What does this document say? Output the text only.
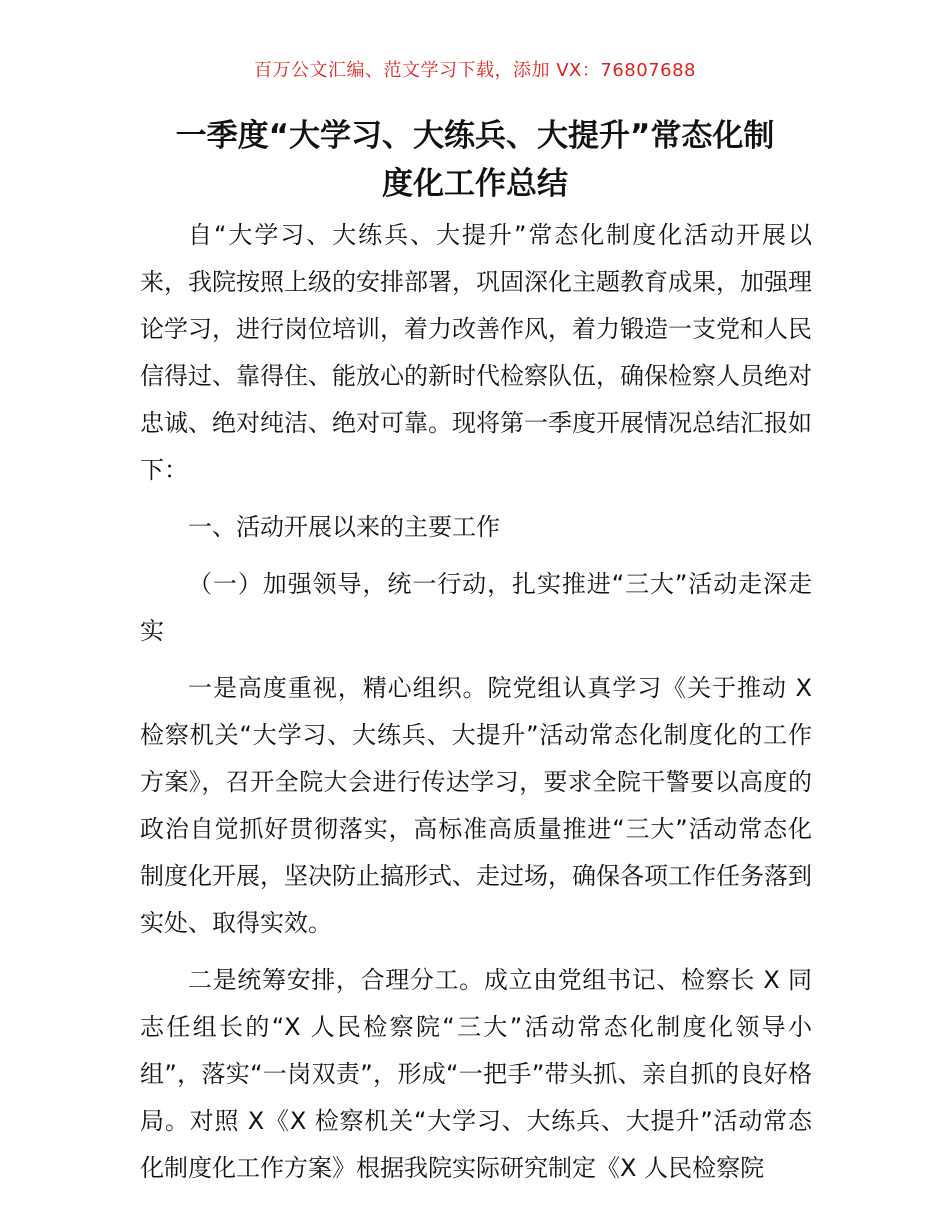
百万公文汇编、范文学习下载，添加 VX：76807688
一季度“大学习、大练兵、大提升”常态化制
度化工作总结

自“大学习、大练兵、大提升”常态化制度化活动开展以来，我院按照上级的安排部署，巩固深化主题教育成果，加强理论学习，进行岗位培训，着力改善作风，着力锻造一支党和人民信得过、靠得住、能放心的新时代检察队伍，确保检察人员绝对忠诚、绝对纯洁、绝对可靠。现将第一季度开展情况总结汇报如下：

一、活动开展以来的主要工作

（一）加强领导，统一行动，扎实推进“三大”活动走深走实

一是高度重视，精心组织。院党组认真学习《关于推动 X 检察机关“大学习、大练兵、大提升”活动常态化制度化的工作方案》，召开全院大会进行传达学习，要求全院干警要以高度的政治自觉抓好贯彻落实，高标准高质量推进“三大”活动常态化制度化开展，坚决防止搞形式、走过场，确保各项工作任务落到实处、取得实效。

二是统筹安排，合理分工。成立由党组书记、检察长 X 同志任组长的“X 人民检察院“三大”活动常态化制度化领导小组”，落实“一岗双责”，形成“一把手”带头抓、亲自抓的良好格局。对照 X《X 检察机关“大学习、大练兵、大提升”活动常态化制度化工作方案》根据我院实际研究制定《X 人民检察院
